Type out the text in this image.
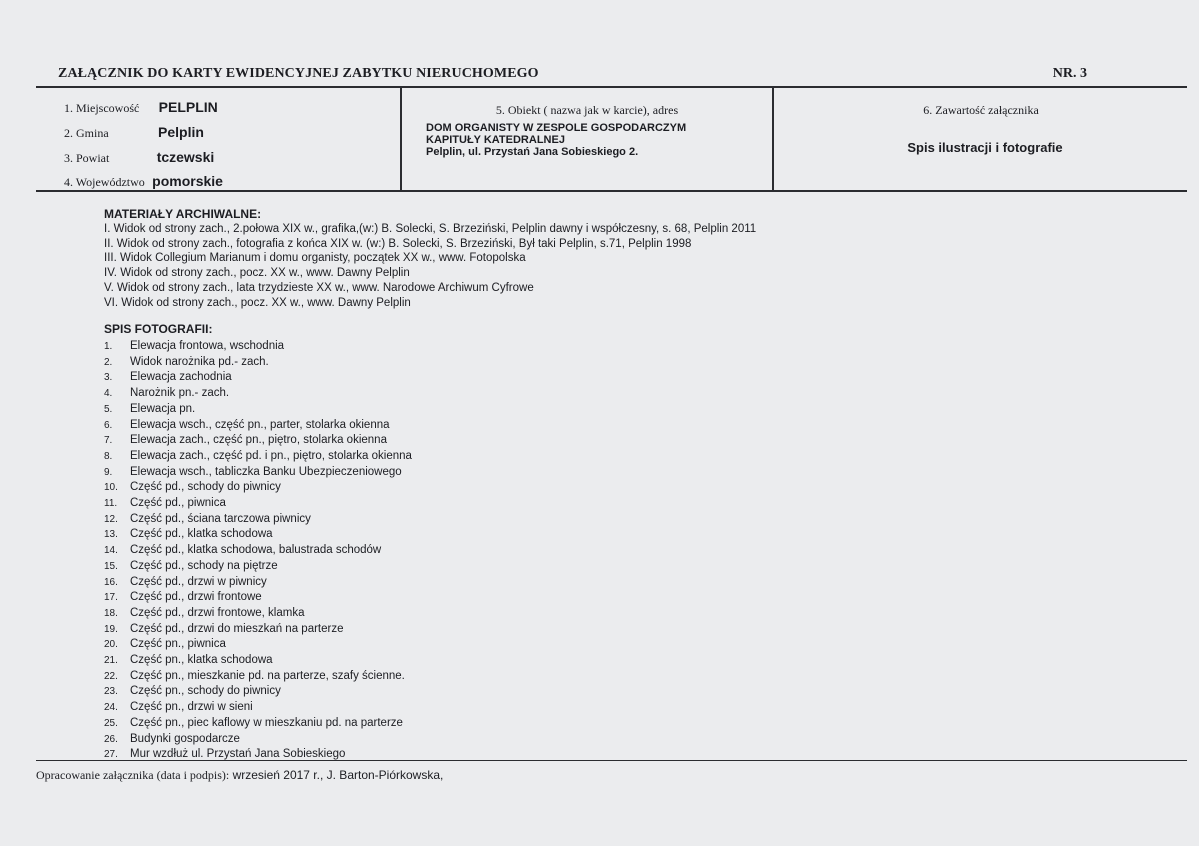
ZAŁĄCZNIK DO KARTY EWIDENCYJNEJ ZABYTKU NIERUCHOMEGO	NR. 3
1. Miejscowość PELPLIN
2. Gmina	Pelplin
3. Powiat	tczewski
4. Województwo pomorskie
5. Obiekt ( nazwa jak w karcie), adres
DOM ORGANISTY W ZESPOLE GOSPODARCZYM
KAPITUŁY KATEDRALNEJ
Pelplin, ul. Przystań Jana Sobieskiego 2.
6. Zawartość załącznika
Spis ilustracji i fotografie
MATERIAŁY ARCHIWALNE:
I. Widok od strony zach., 2.połowa XIX w., grafika,(w:) B. Solecki, S. Brzeziński, Pelplin dawny i współczesny, s. 68, Pelplin 2011
II. Widok od strony zach., fotografia z końca XIX w. (w:) B. Solecki, S. Brzeziński, Był taki Pelplin, s.71, Pelplin 1998
III. Widok Collegium Marianum i domu organisty, początek XX w., www. Fotopolska
IV. Widok od strony zach., pocz. XX w., www. Dawny Pelplin
V. Widok od strony zach., lata trzydzieste XX w., www. Narodowe Archiwum Cyfrowe
VI. Widok od strony zach., pocz. XX w., www. Dawny Pelplin
SPIS FOTOGRAFII:
1. Elewacja frontowa, wschodnia
2. Widok narożnika pd.- zach.
3. Elewacja zachodnia
4. Narożnik pn.- zach.
5. Elewacja pn.
6. Elewacja wsch., część pn., parter, stolarka okienna
7. Elewacja zach., część pn., piętro, stolarka okienna
8. Elewacja zach., część pd. i pn., piętro, stolarka okienna
9. Elewacja wsch., tabliczka Banku Ubezpieczeniowego
10. Część pd., schody do piwnicy
11. Część pd., piwnica
12. Część pd., ściana tarczowa piwnicy
13. Część pd., klatka schodowa
14. Część pd., klatka schodowa, balustrada schodów
15. Część pd., schody na piętrze
16. Część pd., drzwi w piwnicy
17. Część pd., drzwi frontowe
18. Część pd., drzwi frontowe, klamka
19. Część pd., drzwi do mieszkań na parterze
20. Część pn., piwnica
21. Część pn., klatka schodowa
22. Część pn., mieszkanie pd. na parterze, szafy ścienne.
23. Część pn., schody do piwnicy
24. Część pn., drzwi w sieni
25. Część pn., piec kaflowy w mieszkaniu pd. na parterze
26. Budynki gospodarcze
27. Mur wzdłuż ul. Przystań Jana Sobieskiego
Opracowanie załącznika (data i podpis): wrzesień 2017 r., J. Barton-Piórkowska,
